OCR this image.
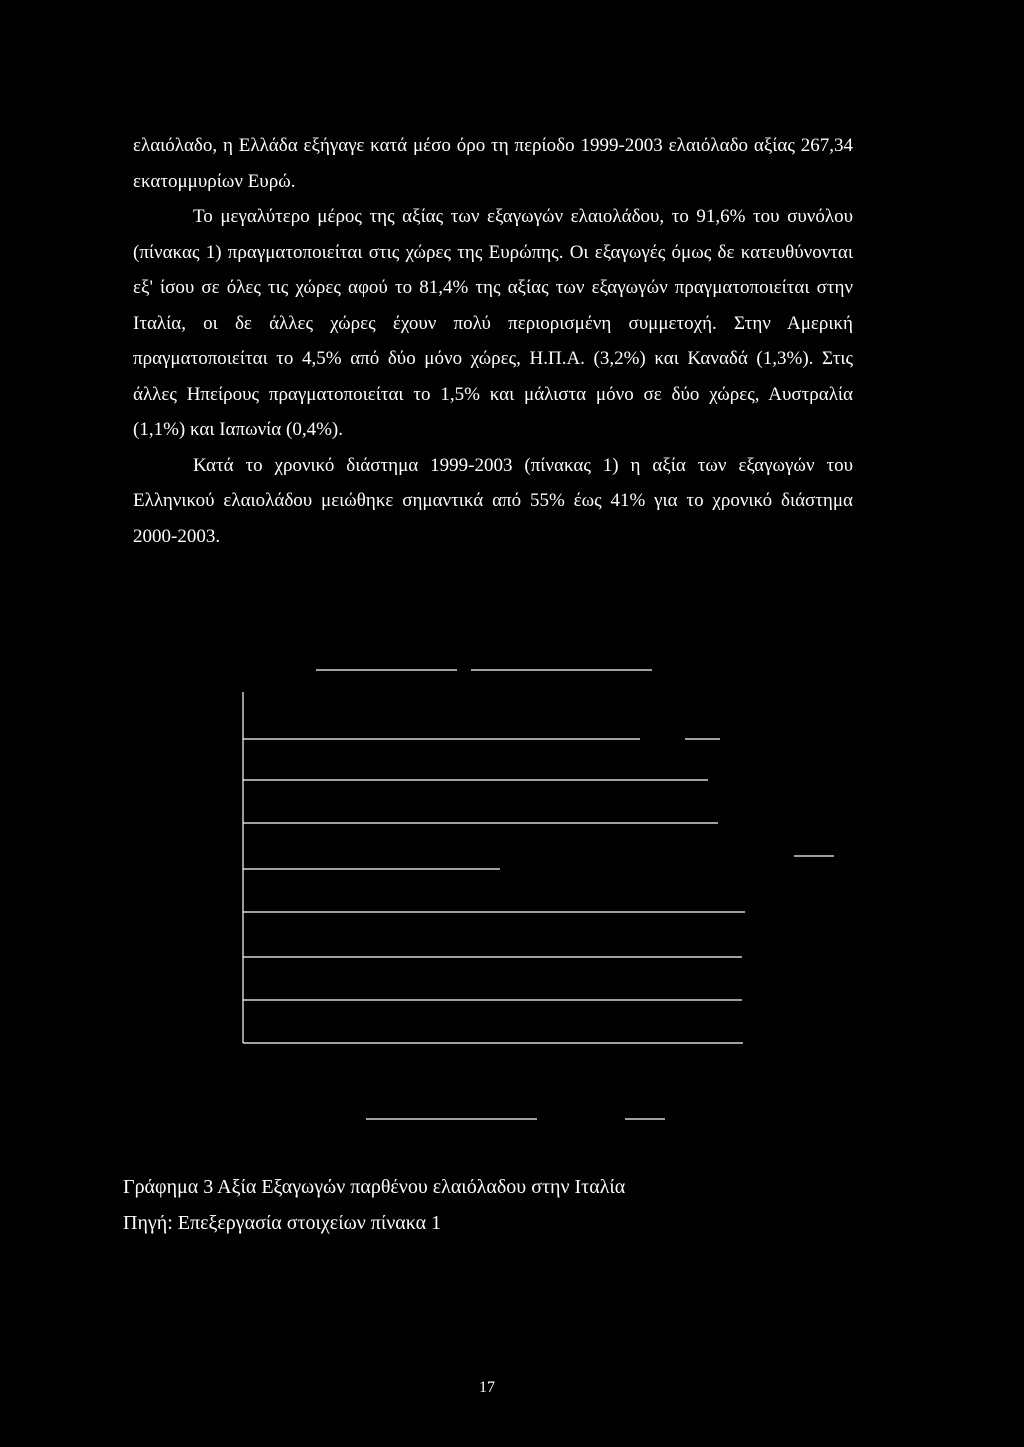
ελαιόλαδο, η Ελλάδα εξήγαγε κατά μέσο όρο τη περίοδο 1999-2003 ελαιόλαδο αξίας 267,34 εκατομμυρίων Ευρώ.

Το μεγαλύτερο μέρος της αξίας των εξαγωγών ελαιολάδου, το 91,6% του συνόλου (πίνακας 1) πραγματοποιείται στις χώρες της Ευρώπης. Οι εξαγωγές όμως δε κατευθύνονται εξ' ίσου σε όλες τις χώρες αφού το 81,4% της αξίας των εξαγωγών πραγματοποιείται στην Ιταλία, οι δε άλλες χώρες έχουν πολύ περιορισμένη συμμετοχή. Στην Αμερική πραγματοποιείται το 4,5% από δύο μόνο χώρες, Η.Π.Α. (3,2%) και Καναδά (1,3%). Στις άλλες Ηπείρους πραγματοποιείται το 1,5% και μάλιστα μόνο σε δύο χώρες, Αυστραλία (1,1%) και Ιαπωνία (0,4%).

Κατά το χρονικό διάστημα 1999-2003 (πίνακας 1) η αξία των εξαγωγών του Ελληνικού ελαιολάδου μειώθηκε σημαντικά από 55% έως 41% για το χρονικό διάστημα 2000-2003.

Γράφημα 3 Αξία Εξαγωγών παρθένου ελαιόλαδου στην Ιταλία
Πηγή: Επεξεργασία στοιχείων πίνακα 1
17
